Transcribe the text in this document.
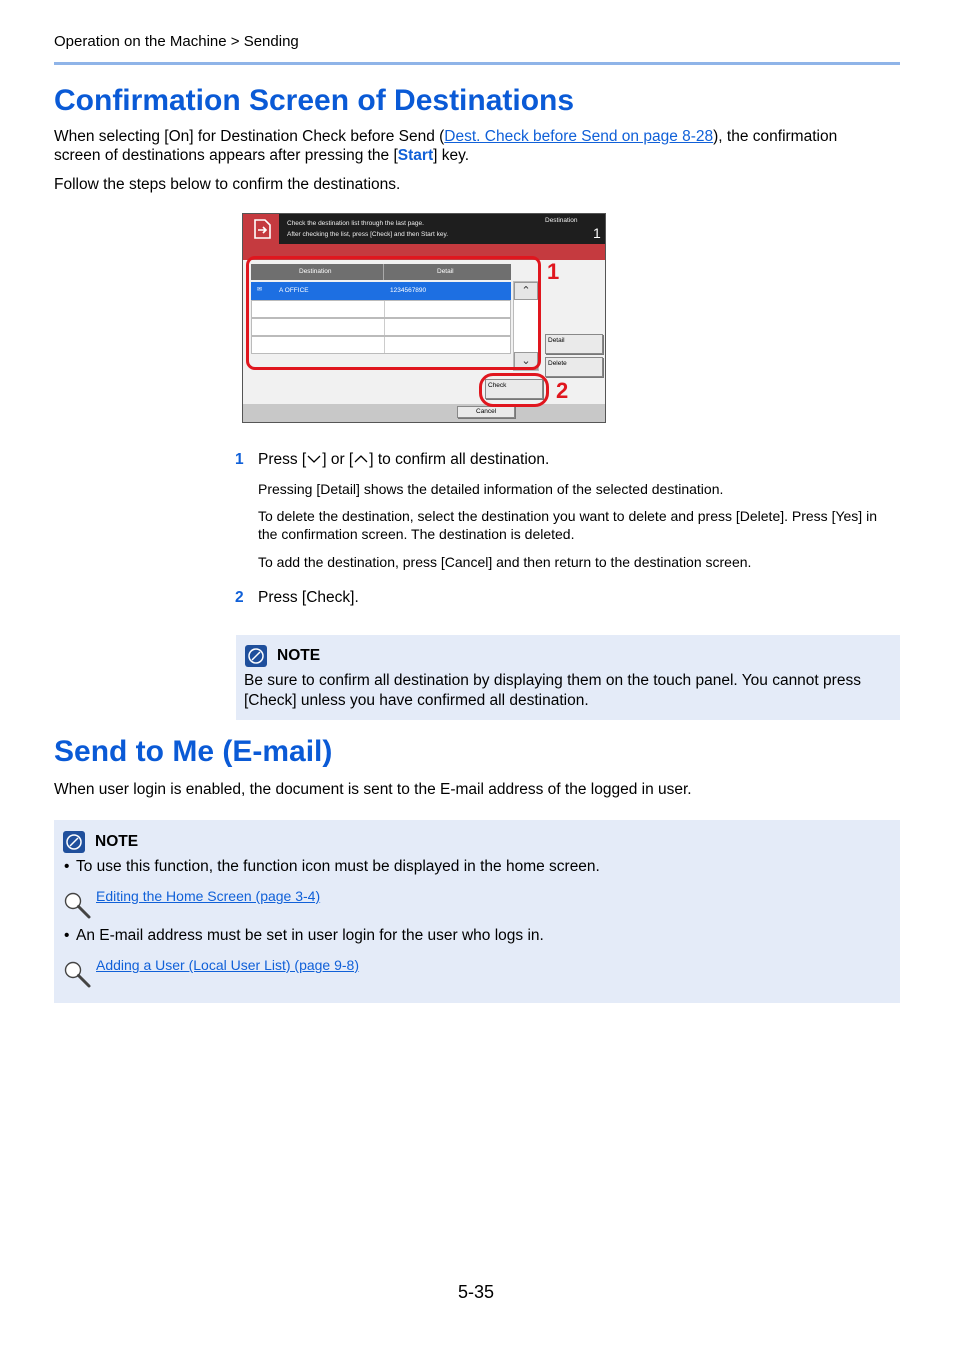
Operation on the Machine > Sending
Confirmation Screen of Destinations
When selecting [On] for Destination Check before Send (Dest. Check before Send on page 8-28), the confirmation
screen of destinations appears after pressing the [Start] key.
Follow the steps below to confirm the destinations.
Check the destination list through the last page.
After checking the list, press [Check] and then Start key.
Destination
1
Destination	Detail
✉	A OFFICE	1234567890	⌃
⌄
Detail
Delete
Check
Cancel
1
2
1 Press [ ] or [ ] to confirm all destination.
Pressing [Detail] shows the detailed information of the selected destination.
To delete the destination, select the destination you want to delete and press [Delete]. Press [Yes] in the confirmation screen. The destination is deleted.
To add the destination, press [Cancel] and then return to the destination screen.
2 Press [Check].
NOTE
Be sure to confirm all destination by displaying them on the touch panel. You cannot press [Check] unless you have confirmed all destination.
Send to Me (E-mail)
When user login is enabled, the document is sent to the E-mail address of the logged in user.
NOTE
• To use this function, the function icon must be displayed in the home screen.
Editing the Home Screen (page 3-4)
• An E-mail address must be set in user login for the user who logs in.
Adding a User (Local User List) (page 9-8)
5-35
